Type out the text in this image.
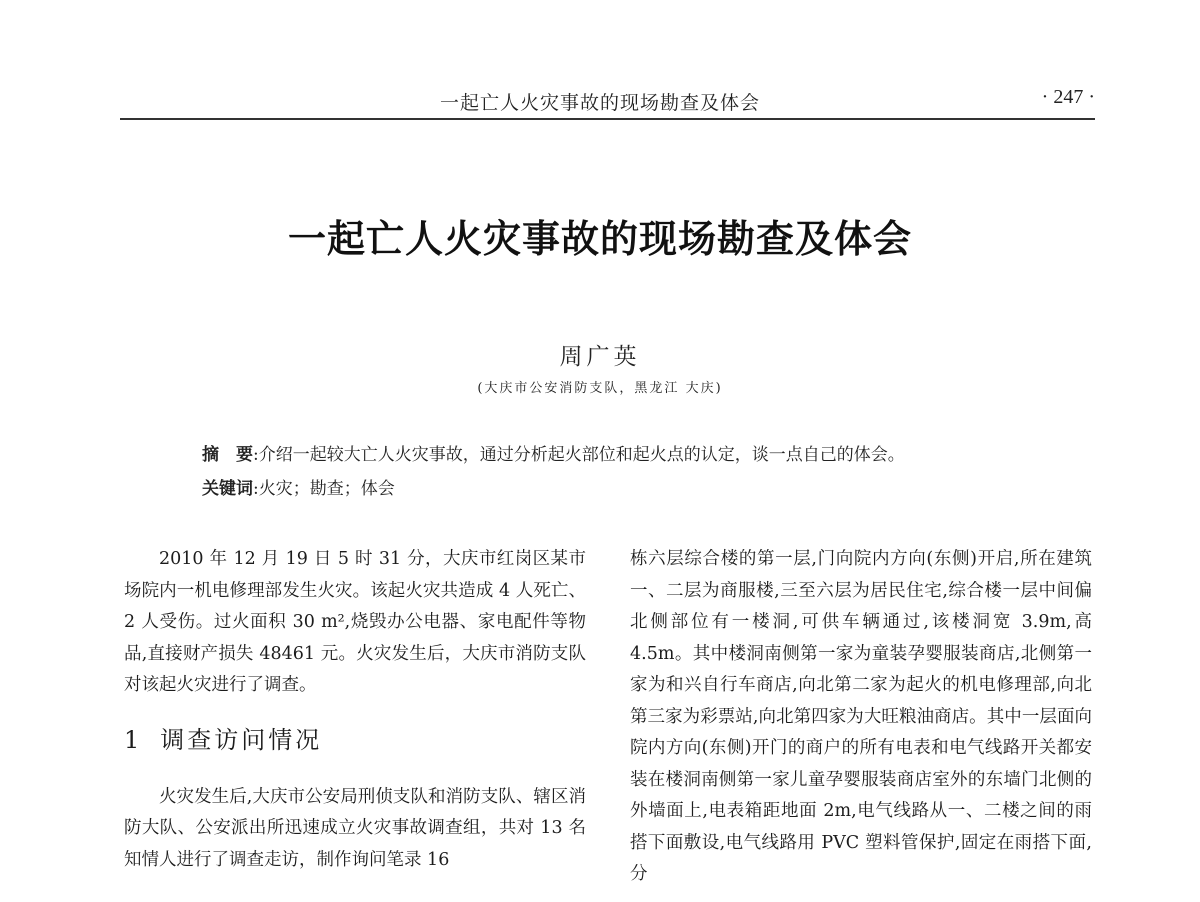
一起亡人火灾事故的现场勘查及体会	· 247 ·
一起亡人火灾事故的现场勘查及体会
周广英
(大庆市公安消防支队，黑龙江 大庆)
摘　要:介绍一起较大亡人火灾事故，通过分析起火部位和起火点的认定，谈一点自己的体会。
关键词:火灾；勘查；体会

2010 年 12 月 19 日 5 时 31 分，大庆市红岗区某市场院内一机电修理部发生火灾。该起火灾共造成 4 人死亡、2 人受伤。过火面积 30 m²,烧毁办公电器、家电配件等物品,直接财产损失 48461 元。火灾发生后，大庆市消防支队对该起火灾进行了调查。

1 调查访问情况

火灾发生后,大庆市公安局刑侦支队和消防支队、辖区消防大队、公安派出所迅速成立火灾事故调查组，共对 13 名知情人进行了调查走访，制作询问笔录 16

栋六层综合楼的第一层,门向院内方向(东侧)开启,所在建筑一、二层为商服楼,三至六层为居民住宅,综合楼一层中间偏北侧部位有一楼洞,可供车辆通过,该楼洞宽 3.9m,高 4.5m。其中楼洞南侧第一家为童装孕婴服装商店,北侧第一家为和兴自行车商店,向北第二家为起火的机电修理部,向北第三家为彩票站,向北第四家为大旺粮油商店。其中一层面向院内方向(东侧)开门的商户的所有电表和电气线路开关都安装在楼洞南侧第一家儿童孕婴服装商店室外的东墙门北侧的外墙面上,电表箱距地面 2m,电气线路从一、二楼之间的雨搭下面敷设,电气线路用 PVC 塑料管保护,固定在雨搭下面,分
